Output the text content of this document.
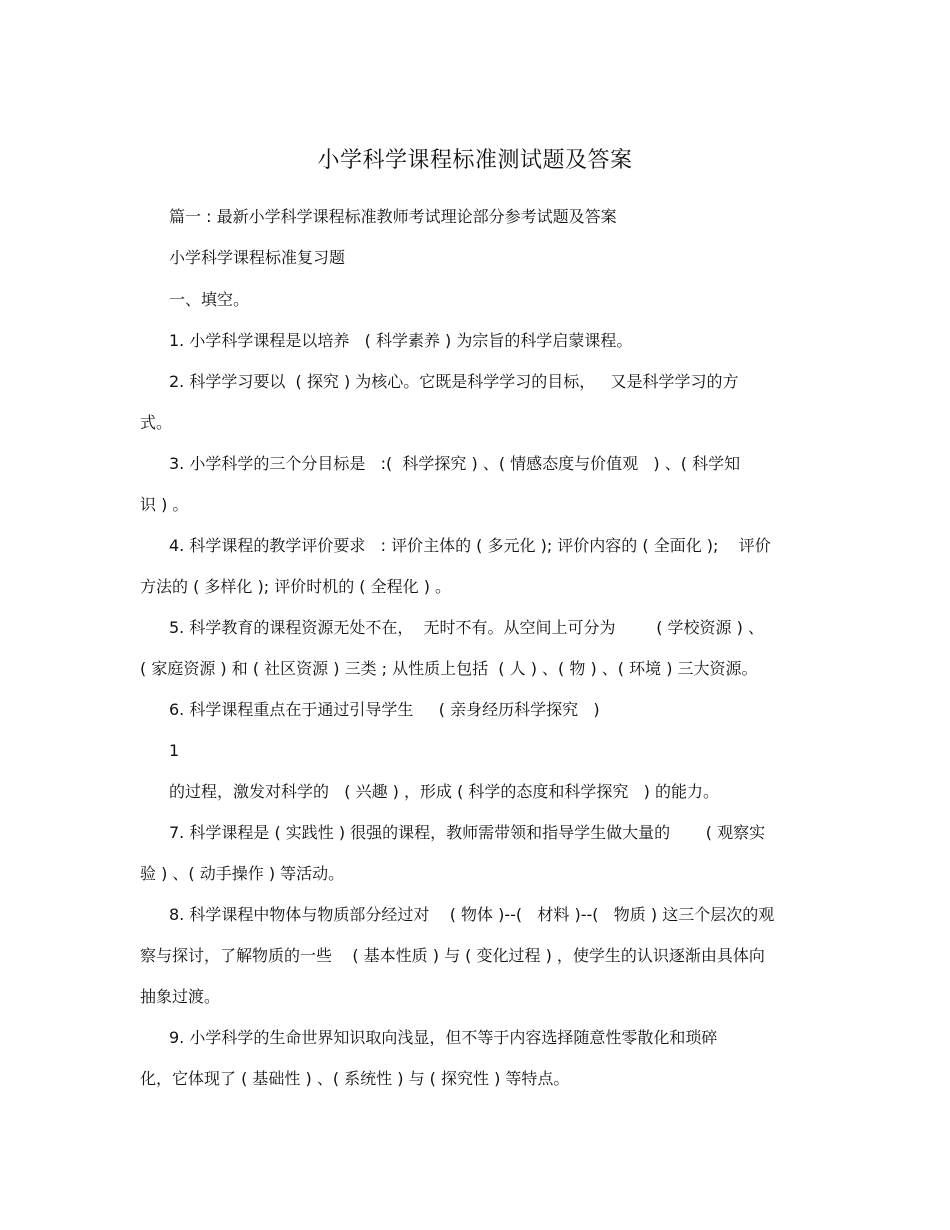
小学科学课程标准测试题及答案
篇一 : 最新小学科学课程标准教师考试理论部分参考试题及答案
小学科学课程标准复习题
一、填空。
1. 小学科学课程是以培养   ( 科学素养 ) 为宗旨的科学启蒙课程。
2. 科学学习要以  ( 探究 ) 为核心。它既是科学学习的目标，   又是科学学习的方
式。
3. 小学科学的三个分目标是   :(  科学探究 ) 、( 情感态度与价值观   ) 、( 科学知
识 ) 。
4. 科学课程的教学评价要求   : 评价主体的 ( 多元化 ); 评价内容的 ( 全面化 );    评价
方法的 ( 多样化 ); 评价时机的 ( 全程化 ) 。
5. 科学教育的课程资源无处不在，  无时不有。从空间上可分为        ( 学校资源 ) 、
( 家庭资源 ) 和 ( 社区资源 ) 三类 ; 从性质上包括  ( 人 ) 、( 物 ) 、( 环境 ) 三大资源。
6. 科学课程重点在于通过引导学生     ( 亲身经历科学探究   )
1
的过程，激发对科学的   ( 兴趣 ) ，形成 ( 科学的态度和科学探究   ) 的能力。
7. 科学课程是 ( 实践性 ) 很强的课程，教师需带领和指导学生做大量的       ( 观察实
验 ) 、( 动手操作 ) 等活动。
8. 科学课程中物体与物质部分经过对    ( 物体 )--(   材料 )--(   物质 ) 这三个层次的观
察与探讨，了解物质的一些    ( 基本性质 ) 与 ( 变化过程 ) ，使学生的认识逐渐由具体向
抽象过渡。
9. 小学科学的生命世界知识取向浅显，但不等于内容选择随意性零散化和琐碎
化，它体现了 ( 基础性 ) 、( 系统性 ) 与 ( 探究性 ) 等特点。
